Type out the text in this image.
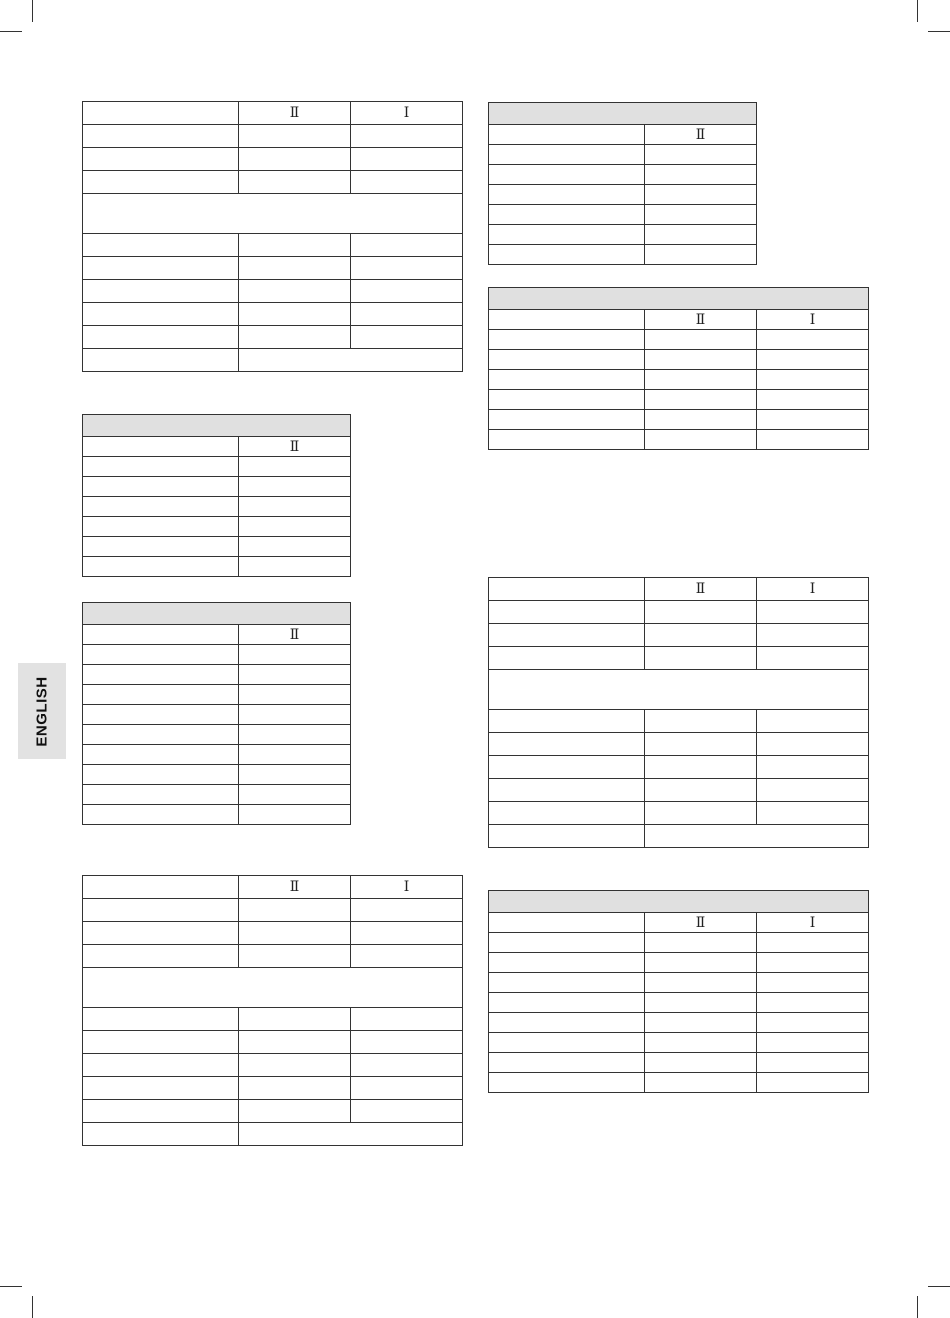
ENGLISH
	Ⅱ	Ⅰ

	Ⅱ

	Ⅱ

	Ⅱ	Ⅰ

	Ⅱ

	Ⅱ	Ⅰ

	Ⅱ	Ⅰ

	Ⅱ	Ⅰ
